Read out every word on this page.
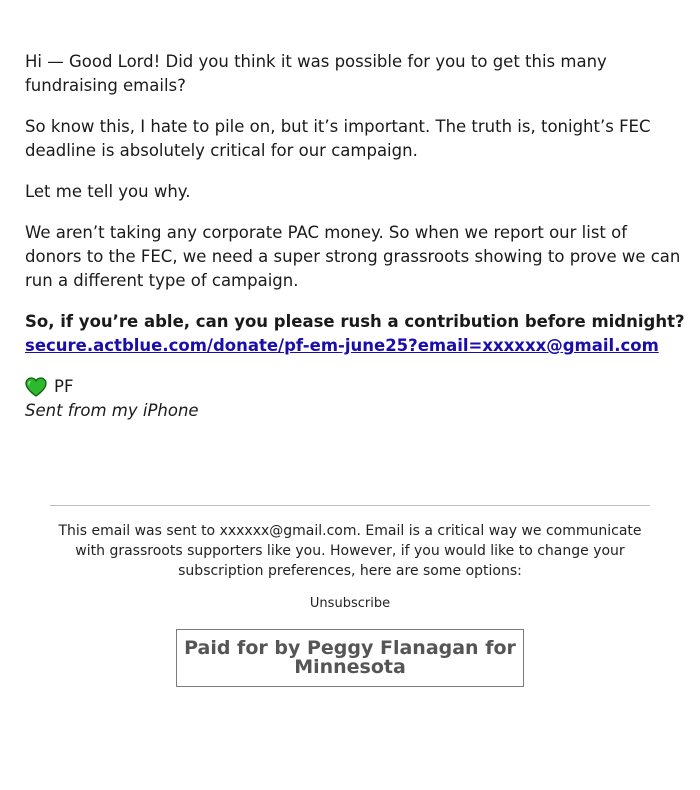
Hi — Good Lord! Did you think it was possible for you to get this many fundraising emails?

So know this, I hate to pile on, but it’s important. The truth is, tonight’s FEC deadline is absolutely critical for our campaign.

Let me tell you why.

We aren’t taking any corporate PAC money. So when we report our list of donors to the FEC, we need a super strong grassroots showing to prove we can run a different type of campaign.

So, if you’re able, can you please rush a contribution before midnight? secure.actblue.com/donate/pf-em-june25?email=xxxxxx@gmail.com

PF

Sent from my iPhone

This email was sent to xxxxxx@gmail.com. Email is a critical way we communicate with grassroots supporters like you. However, if you would like to change your subscription preferences, here are some options:

Unsubscribe
Paid for by Peggy Flanagan for Minnesota
